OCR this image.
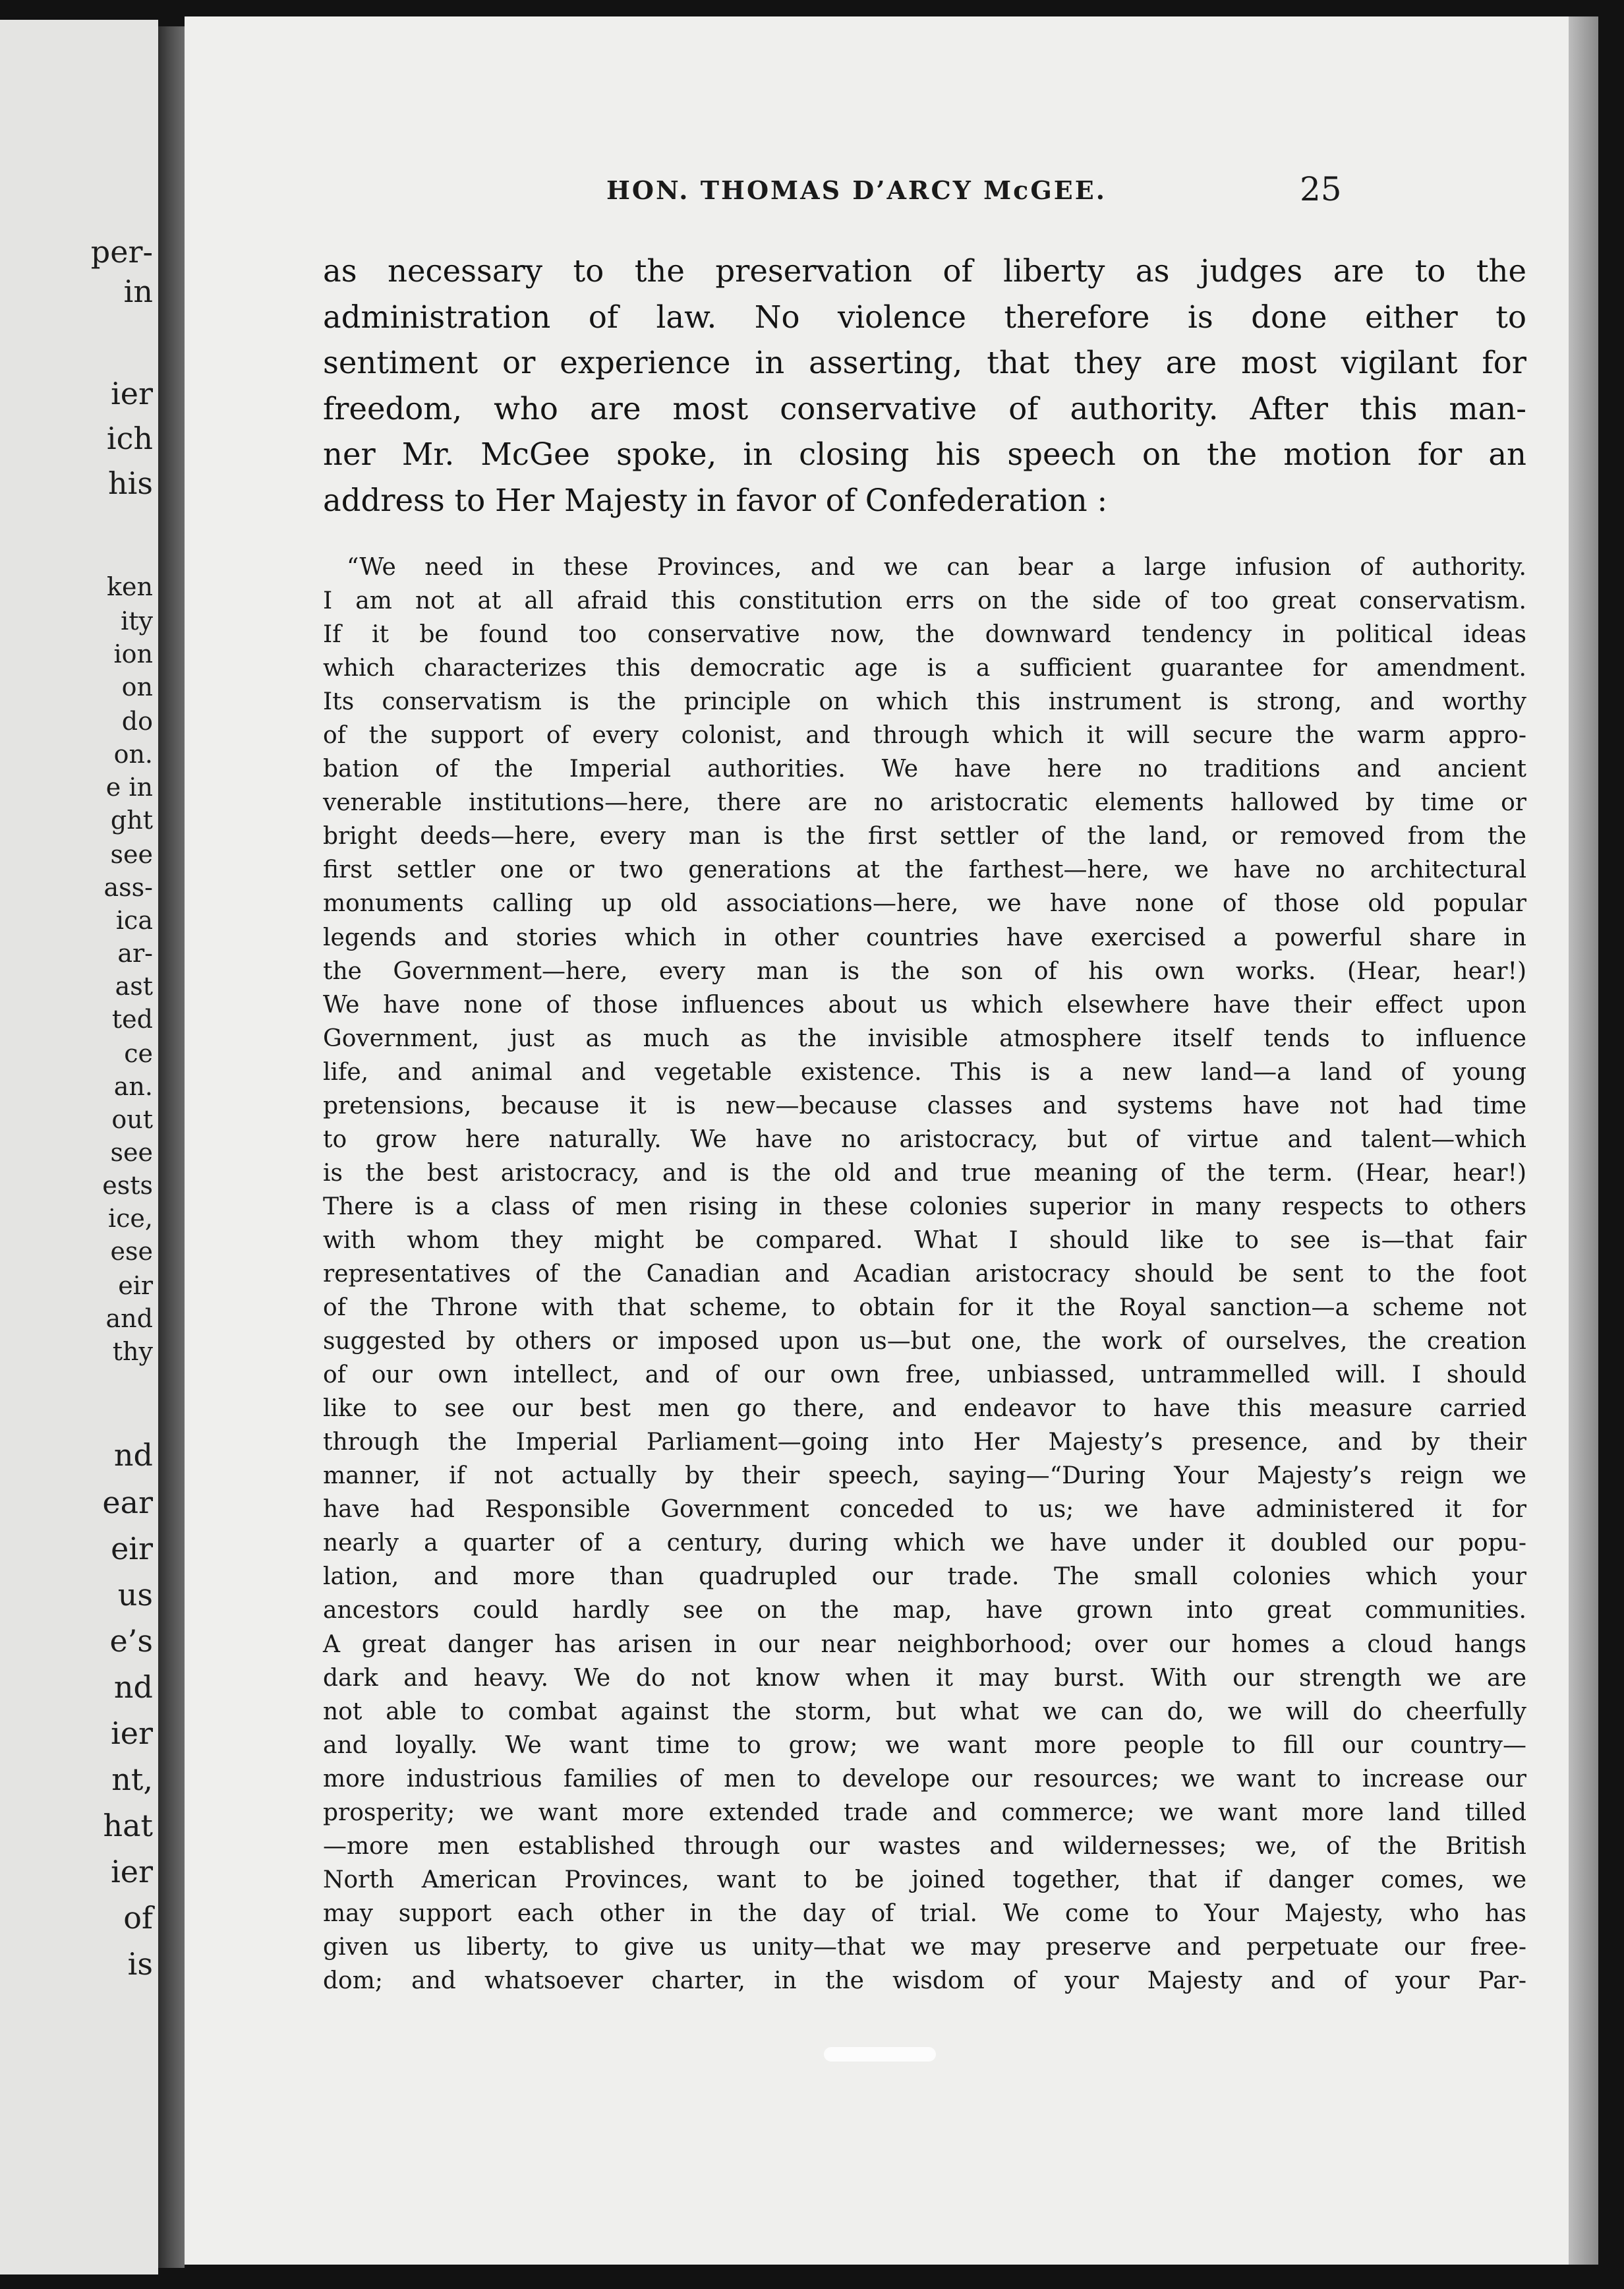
per-

in

ier

ich

his

ken

ity

ion

on

do

on.

e in

ght

see

ass-

ica

ar-

ast

ted

ce

an.

out

see

ests

ice,

ese

eir

and

thy

nd

ear

eir

us

e’s

nd

ier

nt,

hat

ier

of

is

HON. THOMAS D’ARCY McGEE.	25

as necessary to the preservation of liberty as judges are to the
administration of law. No violence therefore is done either to
sentiment or experience in asserting, that they are most vigilant for
freedom, who are most conservative of authority. After this man-
ner Mr. McGee spoke, in closing his speech on the motion for an
address to Her Majesty in favor of Confederation :

“We need in these Provinces, and we can bear a large infusion of authority.
I am not at all afraid this constitution errs on the side of too great conservatism.
If it be found too conservative now, the downward tendency in political ideas
which characterizes this democratic age is a sufficient guarantee for amendment.
Its conservatism is the principle on which this instrument is strong, and worthy
of the support of every colonist, and through which it will secure the warm appro-
bation of the Imperial authorities. We have here no traditions and ancient
venerable institutions—here, there are no aristocratic elements hallowed by time or
bright deeds—here, every man is the first settler of the land, or removed from the
first settler one or two generations at the farthest—here, we have no architectural
monuments calling up old associations—here, we have none of those old popular
legends and stories which in other countries have exercised a powerful share in
the Government—here, every man is the son of his own works. (Hear, hear!)
We have none of those influences about us which elsewhere have their effect upon
Government, just as much as the invisible atmosphere itself tends to influence
life, and animal and vegetable existence. This is a new land—a land of young
pretensions, because it is new—because classes and systems have not had time
to grow here naturally. We have no aristocracy, but of virtue and talent—which
is the best aristocracy, and is the old and true meaning of the term. (Hear, hear!)
There is a class of men rising in these colonies superior in many respects to others
with whom they might be compared. What I should like to see is—that fair
representatives of the Canadian and Acadian aristocracy should be sent to the foot
of the Throne with that scheme, to obtain for it the Royal sanction—a scheme not
suggested by others or imposed upon us—but one, the work of ourselves, the creation
of our own intellect, and of our own free, unbiassed, untrammelled will. I should
like to see our best men go there, and endeavor to have this measure carried
through the Imperial Parliament—going into Her Majesty’s presence, and by their
manner, if not actually by their speech, saying—“During Your Majesty’s reign we
have had Responsible Government conceded to us; we have administered it for
nearly a quarter of a century, during which we have under it doubled our popu-
lation, and more than quadrupled our trade. The small colonies which your
ancestors could hardly see on the map, have grown into great communities.
A great danger has arisen in our near neighborhood; over our homes a cloud hangs
dark and heavy. We do not know when it may burst. With our strength we are
not able to combat against the storm, but what we can do, we will do cheerfully
and loyally. We want time to grow; we want more people to fill our country—
more industrious families of men to develope our resources; we want to increase our
prosperity; we want more extended trade and commerce; we want more land tilled
—more men established through our wastes and wildernesses; we, of the British
North American Provinces, want to be joined together, that if danger comes, we
may support each other in the day of trial. We come to Your Majesty, who has
given us liberty, to give us unity—that we may preserve and perpetuate our free-
dom; and whatsoever charter, in the wisdom of your Majesty and of your Par-
